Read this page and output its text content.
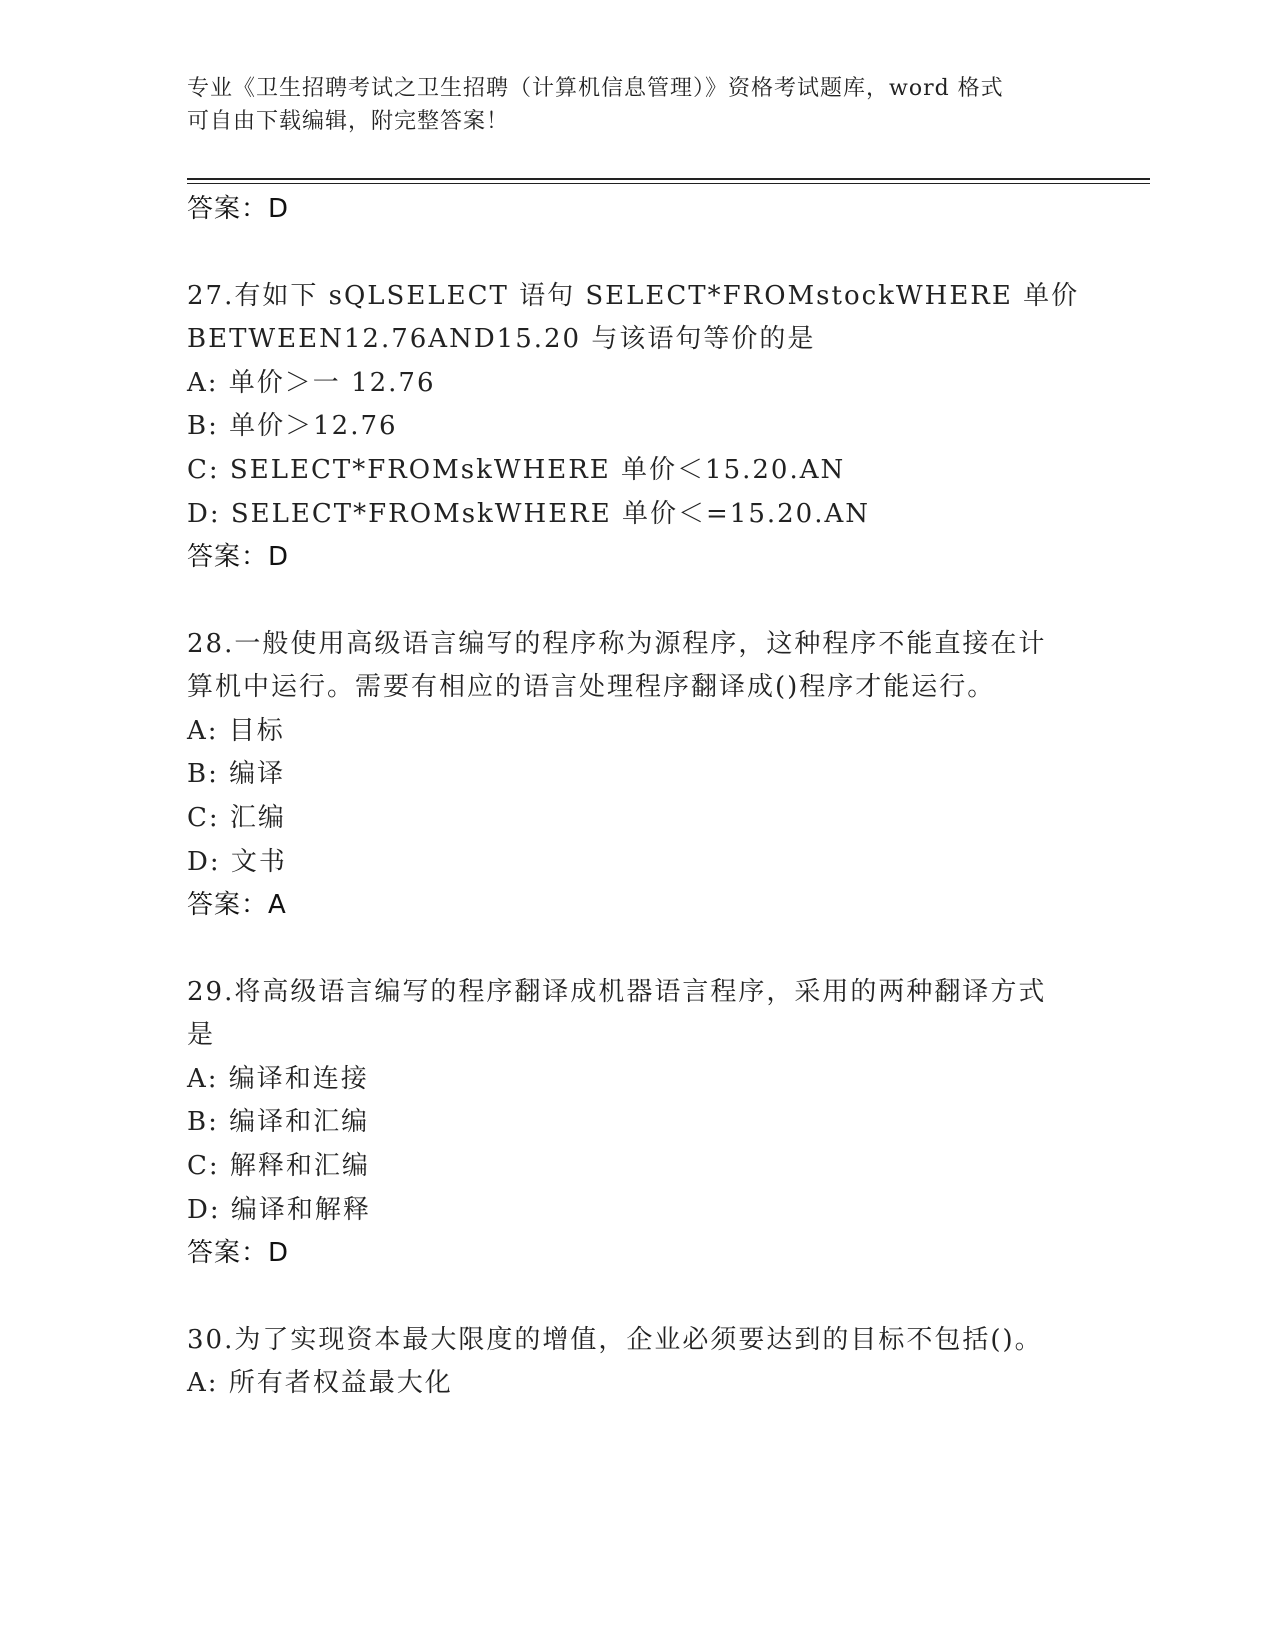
专业《卫生招聘考试之卫生招聘（计算机信息管理）》资格考试题库，word 格式
可自由下载编辑，附完整答案！
答案：D
27.有如下 sQLSELECT 语句 SELECT*FROMstockWHERE 单价
BETWEEN12.76AND15.20 与该语句等价的是
A: 单价＞一 12.76
B: 单价＞12.76
C: SELECT*FROMskWHERE 单价＜15.20.AN
D: SELECT*FROMskWHERE 单价＜=15.20.AN
答案：D
28.一般使用高级语言编写的程序称为源程序，这种程序不能直接在计
算机中运行。需要有相应的语言处理程序翻译成()程序才能运行。
A: 目标
B: 编译
C: 汇编
D: 文书
答案：A
29.将高级语言编写的程序翻译成机器语言程序，采用的两种翻译方式
是
A: 编译和连接
B: 编译和汇编
C: 解释和汇编
D: 编译和解释
答案：D
30.为了实现资本最大限度的增值，企业必须要达到的目标不包括()。
A: 所有者权益最大化
